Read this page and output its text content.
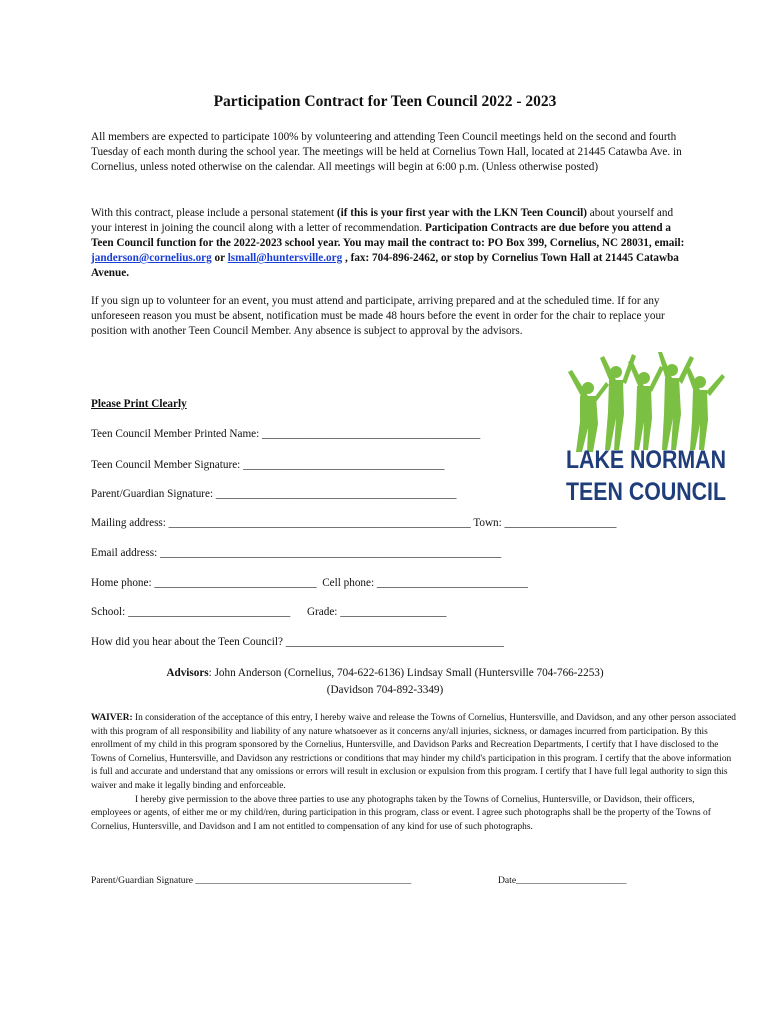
Participation Contract for Teen Council 2022 - 2023
All members are expected to participate 100% by volunteering and attending Teen Council meetings held on the second and fourth Tuesday of each month during the school year. The meetings will be held at Cornelius Town Hall, located at 21445 Catawba Ave. in Cornelius, unless noted otherwise on the calendar. All meetings will begin at 6:00 p.m. (Unless otherwise posted)
With this contract, please include a personal statement (if this is your first year with the LKN Teen Council) about yourself and your interest in joining the council along with a letter of recommendation. Participation Contracts are due before you attend a Teen Council function for the 2022-2023 school year. You may mail the contract to: PO Box 399, Cornelius, NC 28031, email: janderson@cornelius.org or lsmall@huntersville.org , fax: 704-896-2462, or stop by Cornelius Town Hall at 21445 Catawba Avenue.
If you sign up to volunteer for an event, you must attend and participate, arriving prepared and at the scheduled time. If for any unforeseen reason you must be absent, notification must be made 48 hours before the event in order for the chair to replace your position with another Teen Council Member. Any absence is subject to approval by the advisors.
Please Print Clearly
Teen Council Member Printed Name: _______________________________________
Teen Council Member Signature: ____________________________________
Parent/Guardian Signature: ___________________________________________
Mailing address: ______________________________________________________ Town: ____________________
Email address: _____________________________________________________________
Home phone: _____________________________  Cell phone: ___________________________
School: _____________________________      Grade: ___________________
How did you hear about the Teen Council? _______________________________________
Advisors: John Anderson (Cornelius, 704-622-6136) Lindsay Small (Huntersville 704-766-2253)
(Davidson 704-892-3349)
WAIVER: In consideration of the acceptance of this entry, I hereby waive and release the Towns of Cornelius, Huntersville, and Davidson, and any other person associated with this program of all responsibility and liability of any nature whatsoever as it concerns any/all injuries, sickness, or damages incurred from participation. By this enrollment of my child in this program sponsored by the Cornelius, Huntersville, and Davidson Parks and Recreation Departments, I certify that I have disclosed to the Towns of Cornelius, Huntersville, and Davidson any restrictions or conditions that may hinder my child's participation in this program. I certify that the above information is full and accurate and understand that any omissions or errors will result in exclusion or expulsion from this program. I certify that I have full legal authority to sign this waiver and make it legally binding and enforceable.
I hereby give permission to the above three parties to use any photographs taken by the Towns of Cornelius, Huntersville, or Davidson, their officers, employees or agents, of either me or my child/ren, during participation in this program, class or event. I agree such photographs shall be the property of the Towns of Cornelius, Huntersville, and Davidson and I am not entitled to compensation of any kind for use of such photographs.
Parent/Guardian Signature _____________________________________________	Date_______________________
LAKE NORMAN
TEEN COUNCIL
